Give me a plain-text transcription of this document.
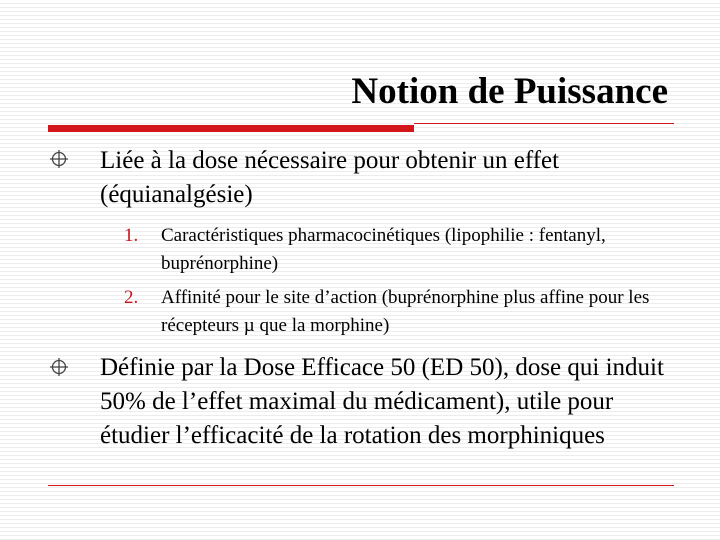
Notion de Puissance
Liée à la dose nécessaire pour obtenir un effet (équianalgésie)
1.	Caractéristiques pharmacocinétiques (lipophilie : fentanyl, buprénorphine)
2.	Affinité pour le site d’action (buprénorphine plus affine pour les récepteurs µ que la morphine)
Définie par la Dose Efficace 50 (ED 50), dose qui induit 50% de l’effet maximal du médicament), utile pour étudier l’efficacité de la rotation des morphiniques
